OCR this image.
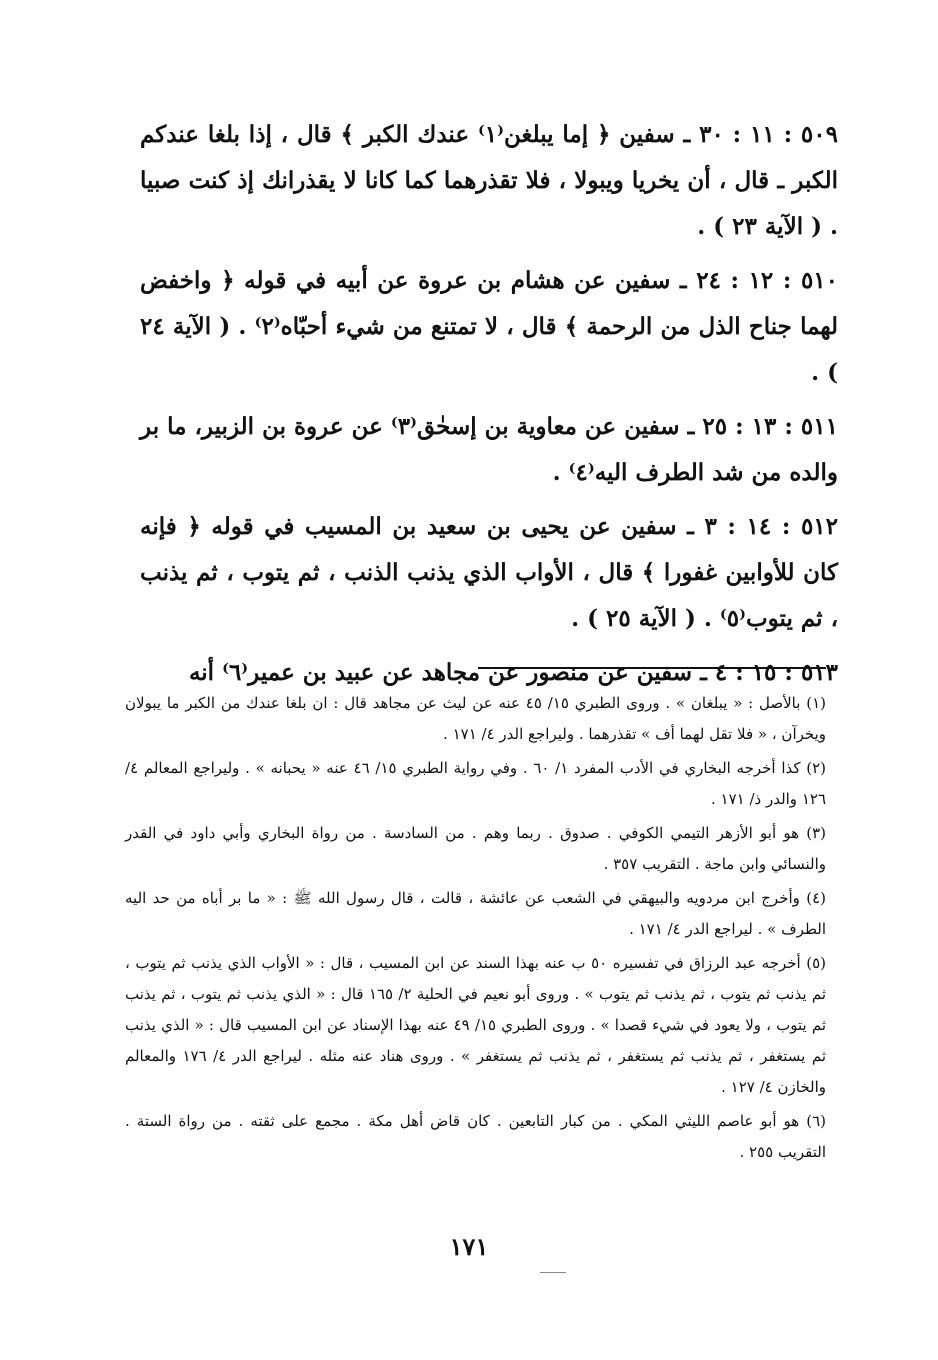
٥٠٩ : ١١ : ٣٠ ـ سفين ﴿ إما يبلغن⁽١⁾ عندك الكبر ﴾ قال ، إذا بلغا عندكم الكبر ـ قال ، أن يخريا ويبولا ، فلا تقذرهما كما كانا لا يقذرانك إذ كنت صبيا . ( الآية ٢٣ ) .

٥١٠ : ١٢ : ٢٤ ـ سفين عن هشام بن عروة عن أبيه في قوله ﴿ واخفض لهما جناح الذل من الرحمة ﴾ قال ، لا تمتنع من شيء أحبّاه⁽٢⁾ . ( الآية ٢٤ ) .

٥١١ : ١٣ : ٢٥ ـ سفين عن معاوية بن إسحٰق⁽٣⁾ عن عروة بن الزبير، ما بر والده من شد الطرف اليه⁽٤⁾ .

٥١٢ : ١٤ : ٣ ـ سفين عن يحيى بن سعيد بن المسيب في قوله ﴿ فإنه كان للأوابين غفورا ﴾ قال ، الأواب الذي يذنب الذنب ، ثم يتوب ، ثم يذنب ، ثم يتوب⁽٥⁾ . ( الآية ٢٥ ) .

٥١٣ : ١٥ : ٤ ـ سفين عن منصور عن مجاهد عن عبيد بن عمير⁽٦⁾ أنه

(١) بالأصل : « يبلغان » . وروى الطبري ١٥/ ٤٥ عنه عن ليث عن مجاهد قال : ان بلغا عندك من الكبر ما يبولان ويخرآن ، « فلا تقل لهما أف » تقذرهما . وليراجع الدر ٤/ ١٧١ .

(٢) كذا أخرجه البخاري في الأدب المفرد ١/ ٦٠ . وفي رواية الطبري ١٥/ ٤٦ عنه « يحبانه » . وليراجع المعالم ٤/ ١٢٦ والدر ذ/ ١٧١ .

(٣) هو أبو الأزهر التيمي الكوفي . صدوق . ربما وهم . من السادسة . من رواة البخاري وأبي داود في القدر والنسائي وابن ماجة . التقريب ٣٥٧ .

(٤) وأخرج ابن مردويه والبيهقي في الشعب عن عائشة ، قالت ، قال رسول الله ﷺ : « ما بر أباه من حد اليه الطرف » . ليراجع الدر ٤/ ١٧١ .

(٥) أخرجه عبد الرزاق في تفسيره ٥٠ ب عنه بهذا السند عن ابن المسيب ، قال : « الأواب الذي يذنب ثم يتوب ، ثم يذنب ثم يتوب ، ثم يذنب ثم يتوب » . وروى أبو نعيم في الحلية ٢/ ١٦٥ قال : « الذي يذنب ثم يتوب ، ثم يذنب ثم يتوب ، ولا يعود في شيء قصدا » . وروى الطبري ١٥/ ٤٩ عنه بهذا الإسناد عن ابن المسيب قال : « الذي يذنب ثم يستغفر ، ثم يذنب ثم يستغفر ، ثم يذنب ثم يستغفر » . وروى هناد عنه مثله . ليراجع الدر ٤/ ١٧٦ والمعالم والخازن ٤/ ١٢٧ .

(٦) هو أبو عاصم الليثي المكي . من كبار التابعين . كان قاض أهل مكة . مجمع على ثقته . من رواة الستة . التقريب ٢٥٥ .

١٧١
